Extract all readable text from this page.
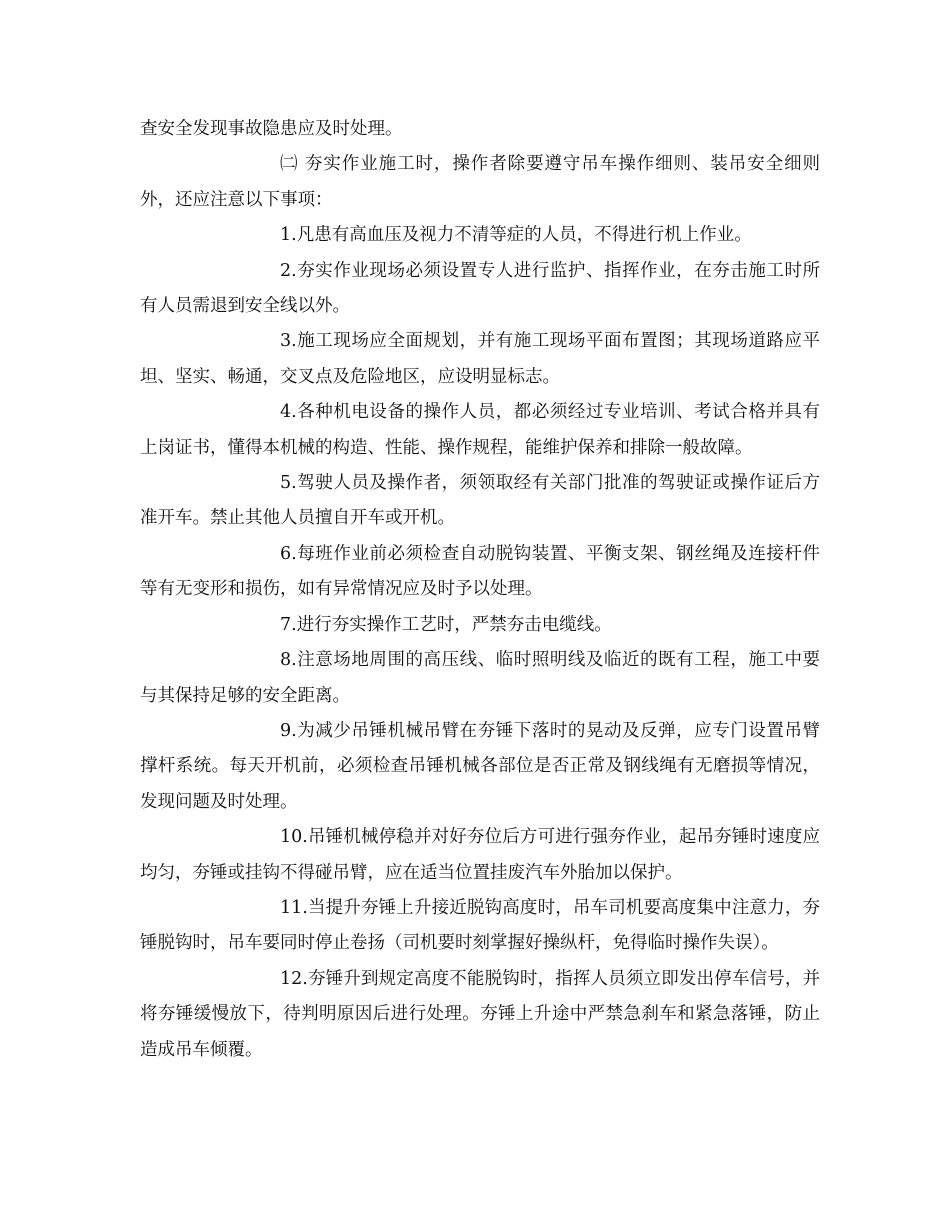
查安全发现事故隐患应及时处理。

㈡ 夯实作业施工时，操作者除要遵守吊车操作细则、装吊安全细则外，还应注意以下事项：

1.凡患有高血压及视力不清等症的人员，不得进行机上作业。

2.夯实作业现场必须设置专人进行监护、指挥作业，在夯击施工时所有人员需退到安全线以外。

3.施工现场应全面规划，并有施工现场平面布置图；其现场道路应平坦、坚实、畅通，交叉点及危险地区，应设明显标志。

4.各种机电设备的操作人员，都必须经过专业培训、考试合格并具有上岗证书，懂得本机械的构造、性能、操作规程，能维护保养和排除一般故障。

5.驾驶人员及操作者，须领取经有关部门批准的驾驶证或操作证后方准开车。禁止其他人员擅自开车或开机。

6.每班作业前必须检查自动脱钩装置、平衡支架、钢丝绳及连接杆件等有无变形和损伤，如有异常情况应及时予以处理。

7.进行夯实操作工艺时，严禁夯击电缆线。

8.注意场地周围的高压线、临时照明线及临近的既有工程，施工中要与其保持足够的安全距离。

9.为减少吊锤机械吊臂在夯锤下落时的晃动及反弹，应专门设置吊臂撑杆系统。每天开机前，必须检查吊锤机械各部位是否正常及钢线绳有无磨损等情况，发现问题及时处理。

10.吊锤机械停稳并对好夯位后方可进行强夯作业，起吊夯锤时速度应均匀，夯锤或挂钩不得碰吊臂，应在适当位置挂废汽车外胎加以保护。

11.当提升夯锤上升接近脱钩高度时，吊车司机要高度集中注意力，夯锤脱钩时，吊车要同时停止卷扬（司机要时刻掌握好操纵杆，免得临时操作失误）。

12.夯锤升到规定高度不能脱钩时，指挥人员须立即发出停车信号，并将夯锤缓慢放下，待判明原因后进行处理。夯锤上升途中严禁急刹车和紧急落锤，防止造成吊车倾覆。
